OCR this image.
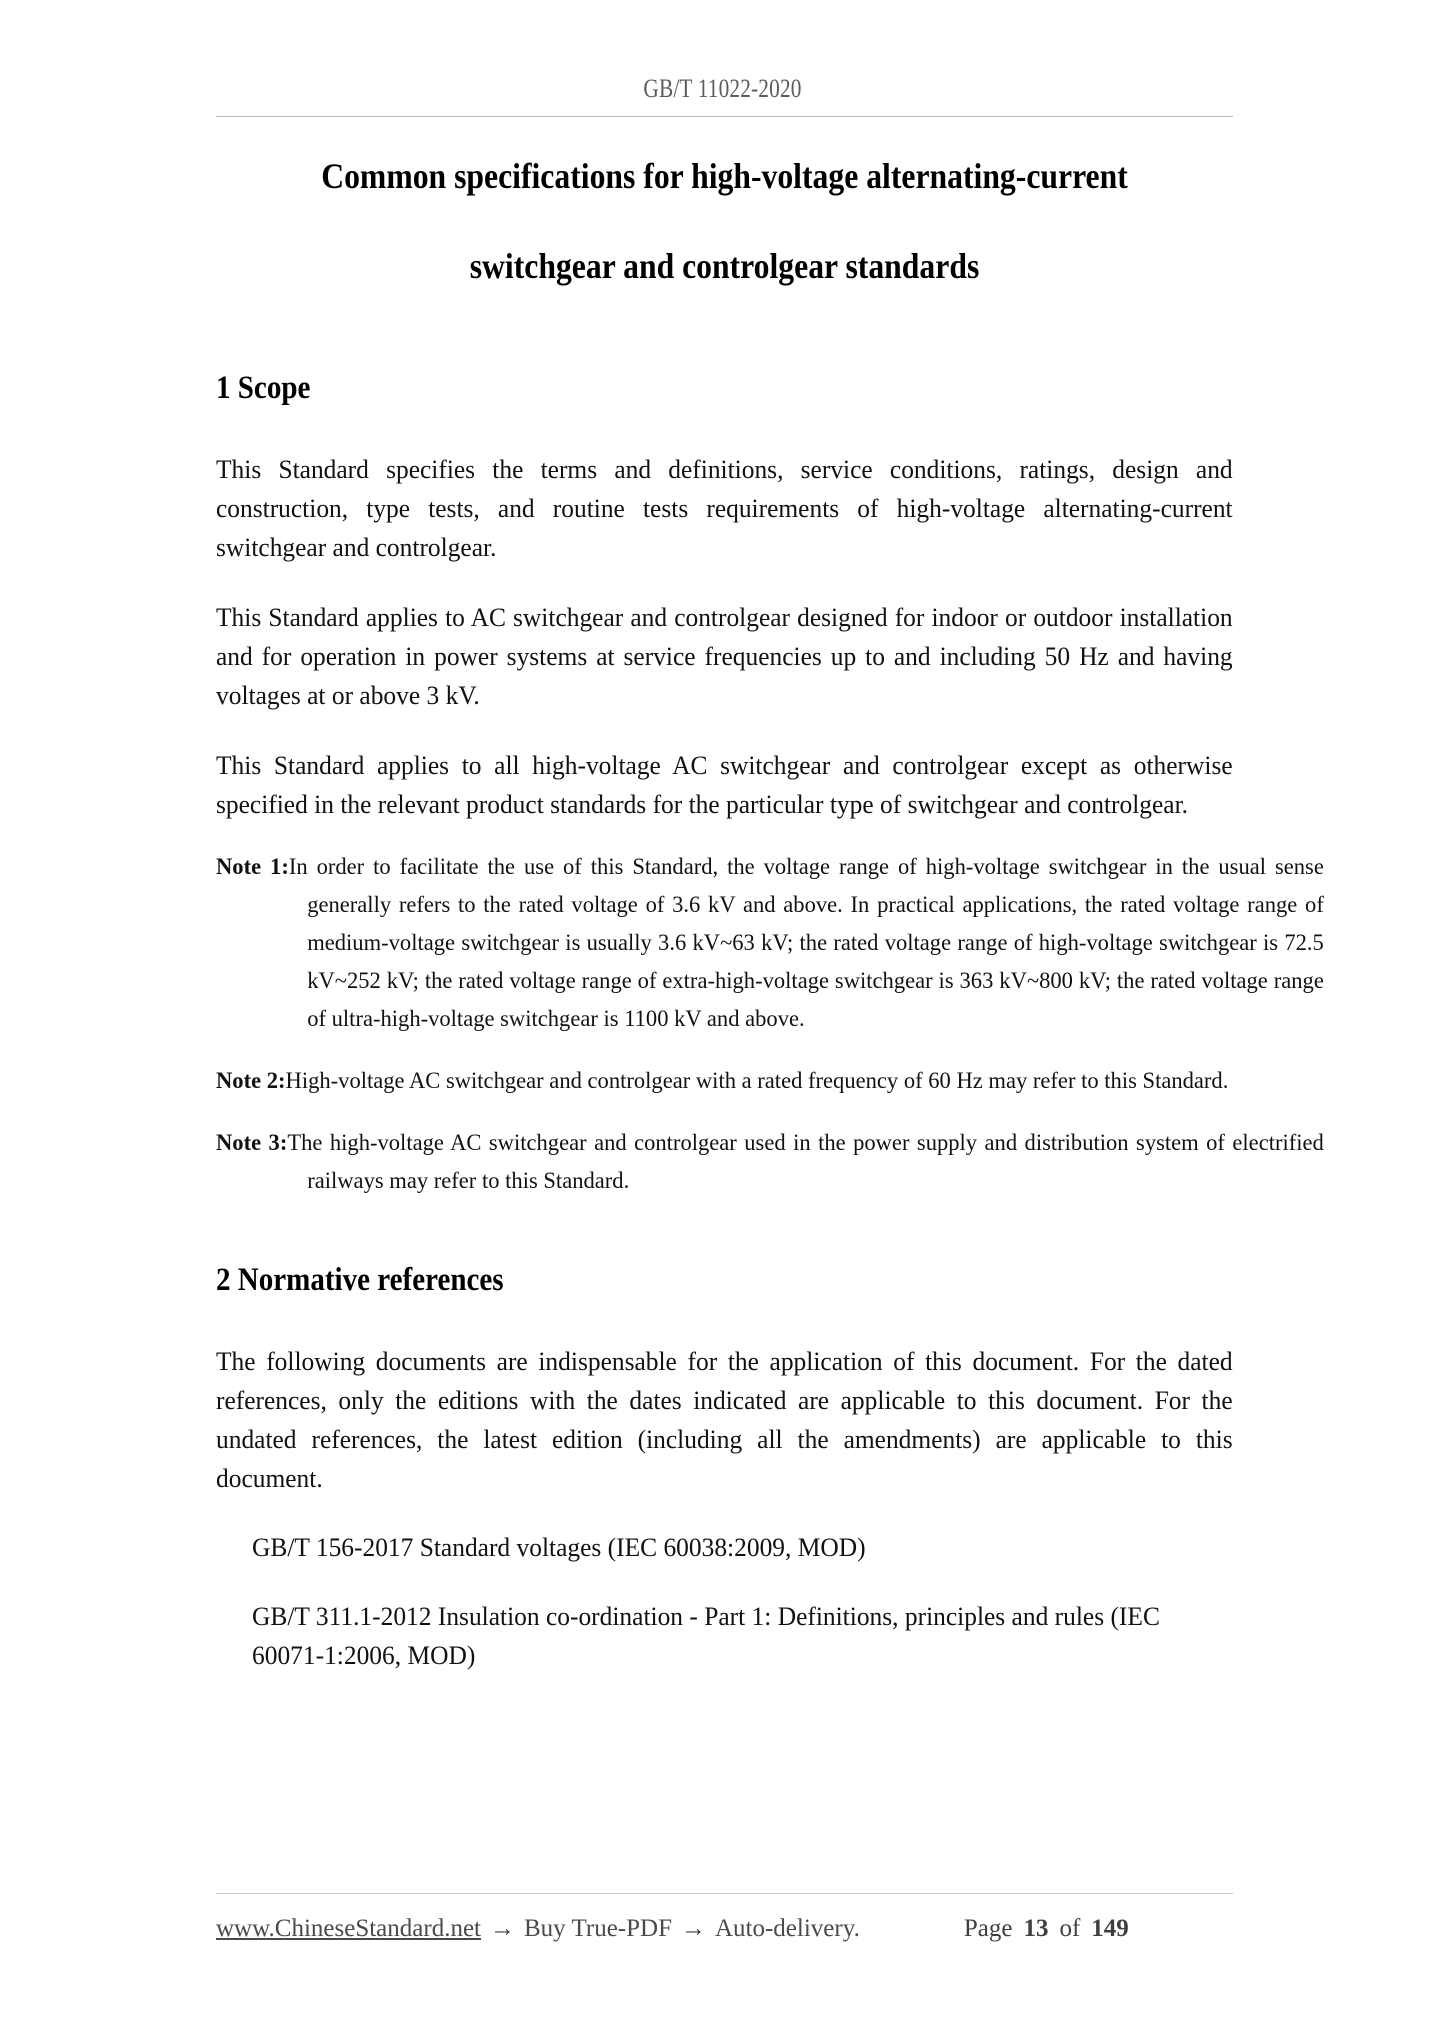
GB/T 11022-2020
Common specifications for high-voltage alternating-current
switchgear and controlgear standards
1 Scope

This Standard specifies the terms and definitions, service conditions, ratings, design and construction, type tests, and routine tests requirements of high-voltage alternating-current switchgear and controlgear.

This Standard applies to AC switchgear and controlgear designed for indoor or outdoor installation and for operation in power systems at service frequencies up to and including 50 Hz and having voltages at or above 3 kV.

This Standard applies to all high-voltage AC switchgear and controlgear except as otherwise specified in the relevant product standards for the particular type of switchgear and controlgear.

Note 1:In order to facilitate the use of this Standard, the voltage range of high-voltage switchgear in the usual sense generally refers to the rated voltage of 3.6 kV and above. In practical applications, the rated voltage range of medium-voltage switchgear is usually 3.6 kV~63 kV; the rated voltage range of high-voltage switchgear is 72.5 kV~252 kV; the rated voltage range of extra-high-voltage switchgear is 363 kV~800 kV; the rated voltage range of ultra-high-voltage switchgear is 1100 kV and above.

Note 2:High-voltage AC switchgear and controlgear with a rated frequency of 60 Hz may refer to this Standard.

Note 3:The high-voltage AC switchgear and controlgear used in the power supply and distribution system of electrified railways may refer to this Standard.

2 Normative references

The following documents are indispensable for the application of this document. For the dated references, only the editions with the dates indicated are applicable to this document. For the undated references, the latest edition (including all the amendments) are applicable to this document.

GB/T 156-2017 Standard voltages (IEC 60038:2009, MOD)

GB/T 311.1-2012 Insulation co-ordination - Part 1: Definitions, principles and rules (IEC 60071-1:2006, MOD)

www.ChineseStandard.net → Buy True-PDF → Auto-delivery.	Page 13 of 149
